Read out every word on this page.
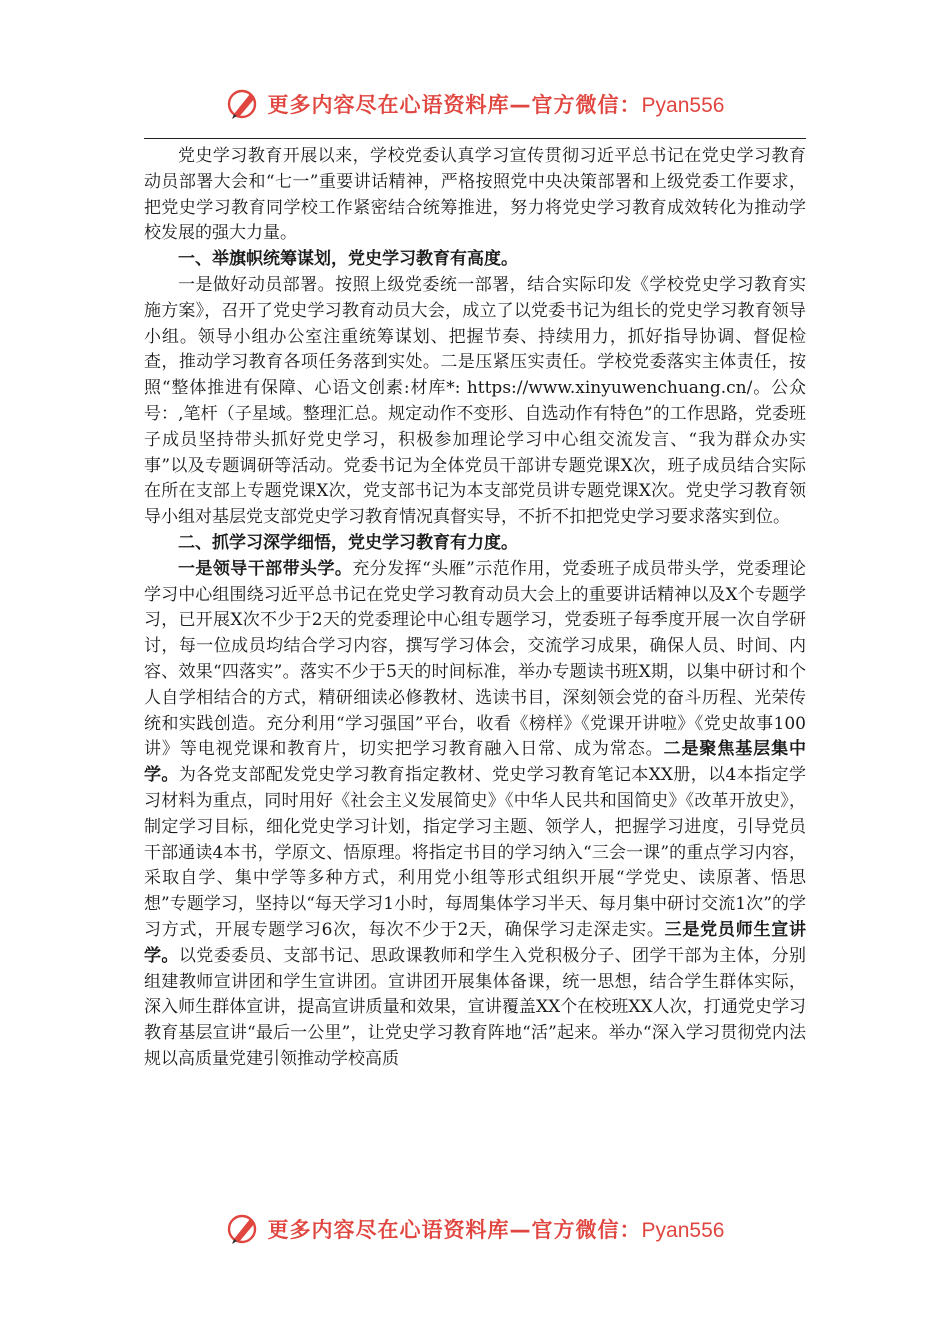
更多内容尽在心语资料库—官方微信：Pyan556

党史学习教育开展以来，学校党委认真学习宣传贯彻习近平总书记在党史学习教育动员部署大会和“七一”重要讲话精神，严格按照党中央决策部署和上级党委工作要求，把党史学习教育同学校工作紧密结合统筹推进，努力将党史学习教育成效转化为推动学校发展的强大力量。

一、举旗帜统筹谋划，党史学习教育有高度。

一是做好动员部署。按照上级党委统一部署，结合实际印发《学校党史学习教育实施方案》，召开了党史学习教育动员大会，成立了以党委书记为组长的党史学习教育领导小组。领导小组办公室注重统筹谋划、把握节奏、持续用力，抓好指导协调、督促检查，推动学习教育各项任务落到实处。二是压紧压实责任。学校党委落实主体责任，按照“整体推进有保障、心语文创素:材库*: https://www.xinyuwenchuang.cn/。公众号：,笔杆（子星域。整理汇总。规定动作不变形、自选动作有特色”的工作思路，党委班子成员坚持带头抓好党史学习，积极参加理论学习中心组交流发言、“我为群众办实事”以及专题调研等活动。党委书记为全体党员干部讲专题党课X次，班子成员结合实际在所在支部上专题党课X次，党支部书记为本支部党员讲专题党课X次。党史学习教育领导小组对基层党支部党史学习教育情况真督实导，不折不扣把党史学习要求落实到位。

二、抓学习深学细悟，党史学习教育有力度。

一是领导干部带头学。充分发挥“头雁”示范作用，党委班子成员带头学，党委理论学习中心组围绕习近平总书记在党史学习教育动员大会上的重要讲话精神以及X个专题学习，已开展X次不少于2天的党委理论中心组专题学习，党委班子每季度开展一次自学研讨，每一位成员均结合学习内容，撰写学习体会，交流学习成果，确保人员、时间、内容、效果“四落实”。落实不少于5天的时间标准，举办专题读书班X期，以集中研讨和个人自学相结合的方式，精研细读必修教材、选读书目，深刻领会党的奋斗历程、光荣传统和实践创造。充分利用“学习强国”平台，收看《榜样》《党课开讲啦》《党史故事100讲》等电视党课和教育片，切实把学习教育融入日常、成为常态。二是聚焦基层集中学。为各党支部配发党史学习教育指定教材、党史学习教育笔记本XX册，以4本指定学习材料为重点，同时用好《社会主义发展简史》《中华人民共和国简史》《改革开放史》，制定学习目标，细化党史学习计划，指定学习主题、领学人，把握学习进度，引导党员干部通读4本书，学原文、悟原理。将指定书目的学习纳入“三会一课”的重点学习内容，采取自学、集中学等多种方式，利用党小组等形式组织开展“学党史、读原著、悟思想”专题学习，坚持以“每天学习1小时，每周集体学习半天、每月集中研讨交流1次”的学习方式，开展专题学习6次，每次不少于2天，确保学习走深走实。三是党员师生宣讲学。以党委委员、支部书记、思政课教师和学生入党积极分子、团学干部为主体，分别组建教师宣讲团和学生宣讲团。宣讲团开展集体备课，统一思想，结合学生群体实际，深入师生群体宣讲，提高宣讲质量和效果，宣讲覆盖XX个在校班XX人次，打通党史学习教育基层宣讲“最后一公里”，让党史学习教育阵地“活”起来。举办“深入学习贯彻党内法规以高质量党建引领推动学校高质

更多内容尽在心语资料库—官方微信：Pyan556
